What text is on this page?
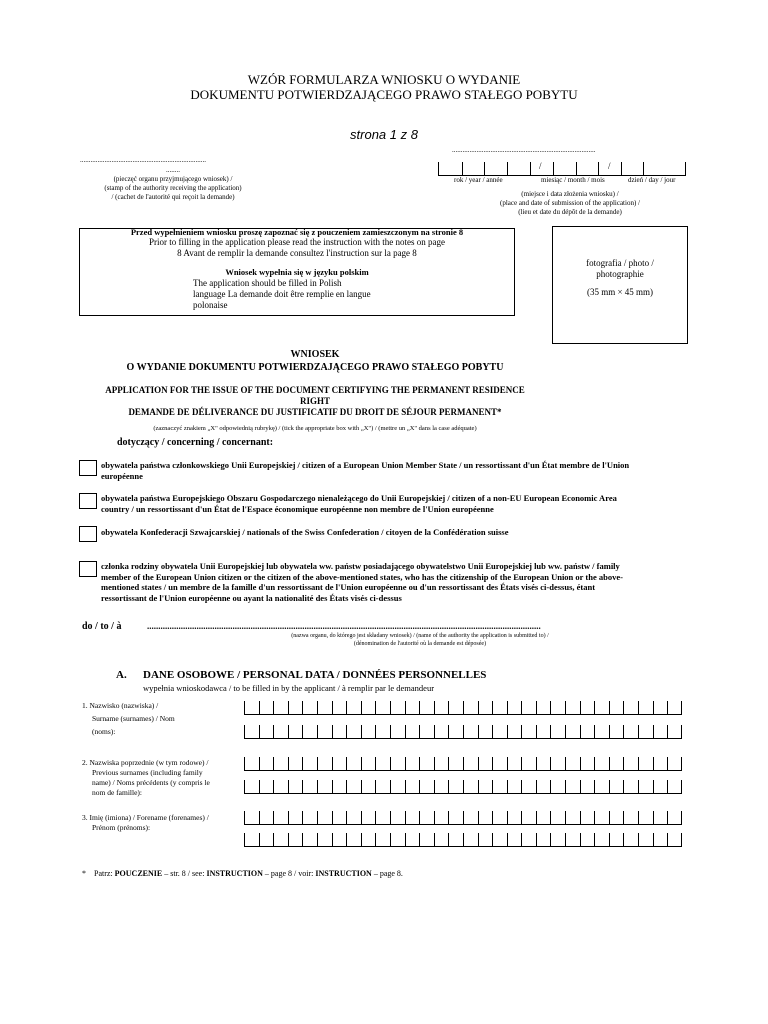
WZÓR FORMULARZA WNIOSKU O WYDANIE
DOKUMENTU POTWIERDZAJĄCEGO PRAWO STAŁEGO POBYTU
strona 1 z 8
........................................................................
........
(pieczęć organu przyjmującego wniosek) /
(stamp of the authority receiving the application)
/ (cachet de l'autorité qui reçoit la demande)
..................................................................................
/	/
rok / year / année	miesiąc / month / mois	dzień / day / jour
(miejsce i data złożenia wniosku) /
(place and date of submission of the application) /
(lieu et date du dépôt de la demande)
Przed wypełnieniem wniosku proszę zapoznać się z pouczeniem zamieszczonym na stronie 8
Prior to filling in the application please read the instruction with the notes on page
8 Avant de remplir la demande consultez l'instruction sur la page 8
Wniosek wypełnia się w języku polskim
The application should be filled in Polish
language La demande doit être remplie en langue
polonaise
fotografia / photo /
photographie
(35 mm × 45 mm)
WNIOSEK
O WYDANIE DOKUMENTU POTWIERDZAJĄCEGO PRAWO STAŁEGO POBYTU
APPLICATION FOR THE ISSUE OF THE DOCUMENT CERTIFYING THE PERMANENT RESIDENCE
RIGHT
DEMANDE DE DÉLIVERANCE DU JUSTIFICATIF DU DROIT DE SÉJOUR PERMANENT*
(zaznaczyć znakiem „X" odpowiednią rubrykę) / (tick the appropriate box with „X") / (mettre un „X" dans la case adéquate)
dotyczący / concerning / concernant:
obywatela państwa członkowskiego Unii Europejskiej / citizen of a European Union Member State / un ressortissant d'un État membre de l'Union
européenne
obywatela państwa Europejskiego Obszaru Gospodarczego nienależącego do Unii Europejskiej / citizen of a non-EU European Economic Area
country / un ressortissant d'un État de l'Espace économique européenne non membre de l'Union européenne
obywatela Konfederacji Szwajcarskiej / nationals of the Swiss Confederation / citoyen de la Confédération suisse
członka rodziny obywatela Unii Europejskiej lub obywatela ww. państw posiadającego obywatelstwo Unii Europejskiej lub ww. państw / family
member of the European Union citizen or the citizen of the above-mentioned states, who has the citizenship of the European Union or the above-
mentioned states / un membre de la famille d'un ressortissant de l'Union européenne ou d'un ressortissant des États visés ci-dessus, étant
ressortissant de l'Union européenne ou ayant la nationalité des États visés ci-dessus
do / to / à	...............................................................................................................................................................................
(nazwa organu, do którego jest składany wniosek) / (name of the authority the application is submitted to) /
(dénomination de l'autorité où la demande est déposée)
A. DANE OSOBOWE / PERSONAL DATA / DONNÉES PERSONNELLES
wypełnia wnioskodawca / to be filled in by the applicant / à remplir par le demandeur
1. Nazwisko (nazwiska) /
Surname (surnames) / Nom
(noms):
2. Nazwiska poprzednie (w tym rodowe) /
Previous surnames (including family
name) / Noms précédents (y compris le
nom de famille):
3. Imię (imiona) / Forename (forenames) /
Prénom (prénoms):
* Patrz: POUCZENIE – str. 8 / see: INSTRUCTION – page 8 / voir: INSTRUCTION – page 8.
